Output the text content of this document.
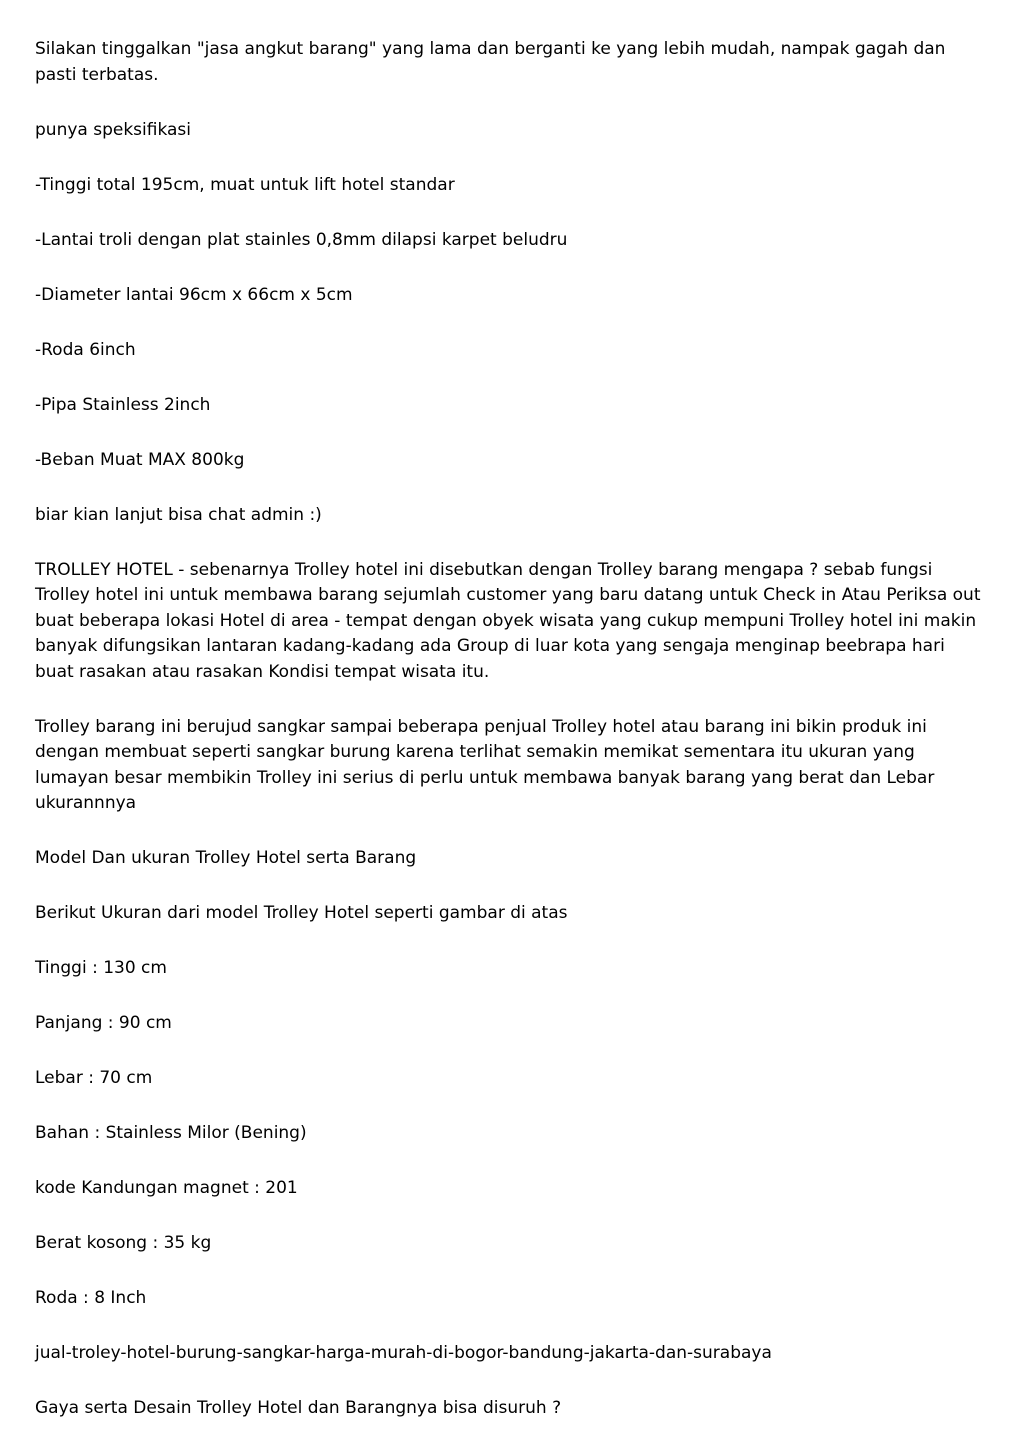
Silakan tinggalkan "jasa angkut barang" yang lama dan berganti ke yang lebih mudah, nampak gagah dan pasti terbatas.

punya speksifikasi

-Tinggi total 195cm, muat untuk lift hotel standar

-Lantai troli dengan plat stainles 0,8mm dilapsi karpet beludru

-Diameter lantai 96cm x 66cm x 5cm

-Roda 6inch

-Pipa Stainless 2inch

-Beban Muat MAX 800kg

biar kian lanjut bisa chat admin :)

TROLLEY HOTEL - sebenarnya Trolley hotel ini disebutkan dengan Trolley barang mengapa ? sebab fungsi Trolley hotel ini untuk membawa barang sejumlah customer yang baru datang untuk Check in Atau Periksa out buat beberapa lokasi Hotel di area - tempat dengan obyek wisata yang cukup mempuni Trolley hotel ini makin banyak difungsikan lantaran kadang-kadang ada Group di luar kota yang sengaja menginap beebrapa hari buat rasakan atau rasakan Kondisi tempat wisata itu.

Trolley barang ini berujud sangkar sampai beberapa penjual Trolley hotel atau barang ini bikin produk ini dengan membuat seperti sangkar burung karena terlihat semakin memikat sementara itu ukuran yang lumayan besar membikin Trolley ini serius di perlu untuk membawa banyak barang yang berat dan Lebar ukurannnya

Model Dan ukuran Trolley Hotel serta Barang

Berikut Ukuran dari model Trolley Hotel seperti gambar di atas

Tinggi : 130 cm

Panjang : 90 cm

Lebar : 70 cm

Bahan : Stainless Milor (Bening)

kode Kandungan magnet : 201

Berat kosong : 35 kg

Roda : 8 Inch

jual-troley-hotel-burung-sangkar-harga-murah-di-bogor-bandung-jakarta-dan-surabaya

Gaya serta Desain Trolley Hotel dan Barangnya bisa disuruh ?
